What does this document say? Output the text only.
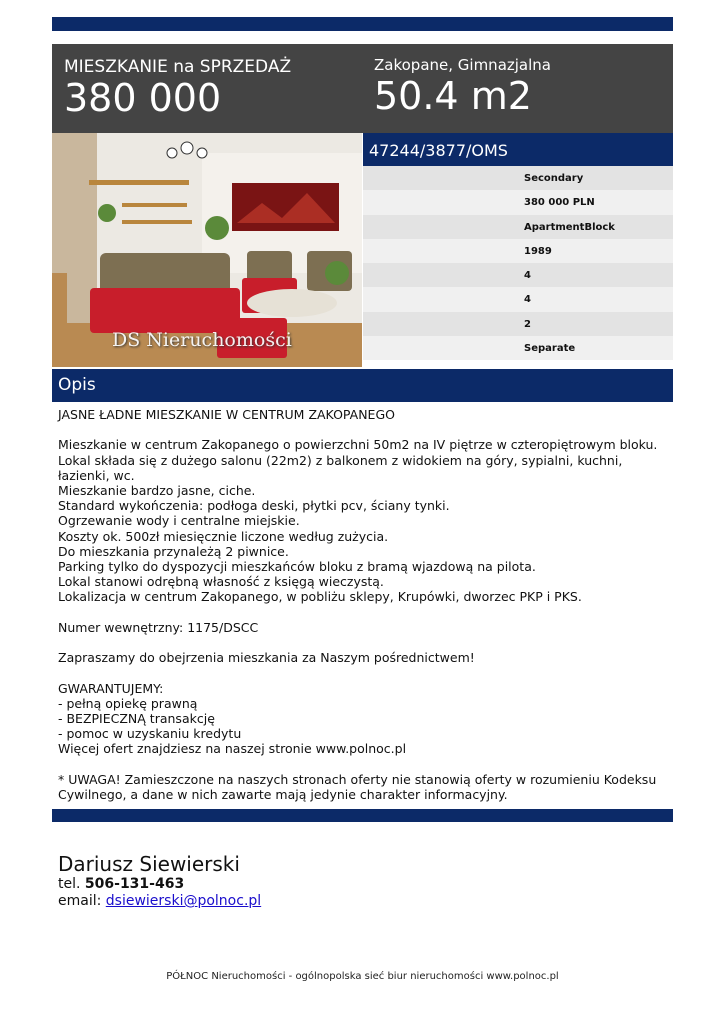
MIESZKANIE na SPRZEDAŻ
380 000
Zakopane, Gimnazjalna
50.4 m2
DS Nieruchomości
47244/3877/OMS
Secondary
380 000 PLN
ApartmentBlock
1989
4
4
2
Separate
Opis

JASNE ŁADNE MIESZKANIE W CENTRUM ZAKOPANEGO

Mieszkanie w centrum Zakopanego o powierzchni 50m2 na IV piętrze w czteropiętrowym bloku.

Lokal składa się z dużego salonu (22m2) z balkonem z widokiem na góry, sypialni, kuchni, łazienki, wc.

Mieszkanie bardzo jasne, ciche.

Standard wykończenia: podłoga deski, płytki pcv, ściany tynki.

Ogrzewanie wody i centralne miejskie.

Koszty ok. 500zł miesięcznie liczone według zużycia.

Do mieszkania przynależą 2 piwnice.

Parking tylko do dyspozycji mieszkańców bloku z bramą wjazdową na pilota.

Lokal stanowi odrębną własność z księgą wieczystą.

Lokalizacja w centrum Zakopanego, w pobliżu sklepy, Krupówki, dworzec PKP i PKS.

Numer wewnętrzny: 1175/DSCC

Zapraszamy do obejrzenia mieszkania za Naszym pośrednictwem!

GWARANTUJEMY:

- pełną opiekę prawną

- BEZPIECZNĄ transakcję

- pomoc w uzyskaniu kredytu

Więcej ofert znajdziesz na naszej stronie www.polnoc.pl

* UWAGA! Zamieszczone na naszych stronach oferty nie stanowią oferty w rozumieniu Kodeksu Cywilnego, a dane w nich zawarte mają jedynie charakter informacyjny.

Dariusz Siewierski
tel. 506-131-463
email: dsiewierski@polnoc.pl
PÓŁNOC Nieruchomości - ogólnopolska sieć biur nieruchomości www.polnoc.pl
